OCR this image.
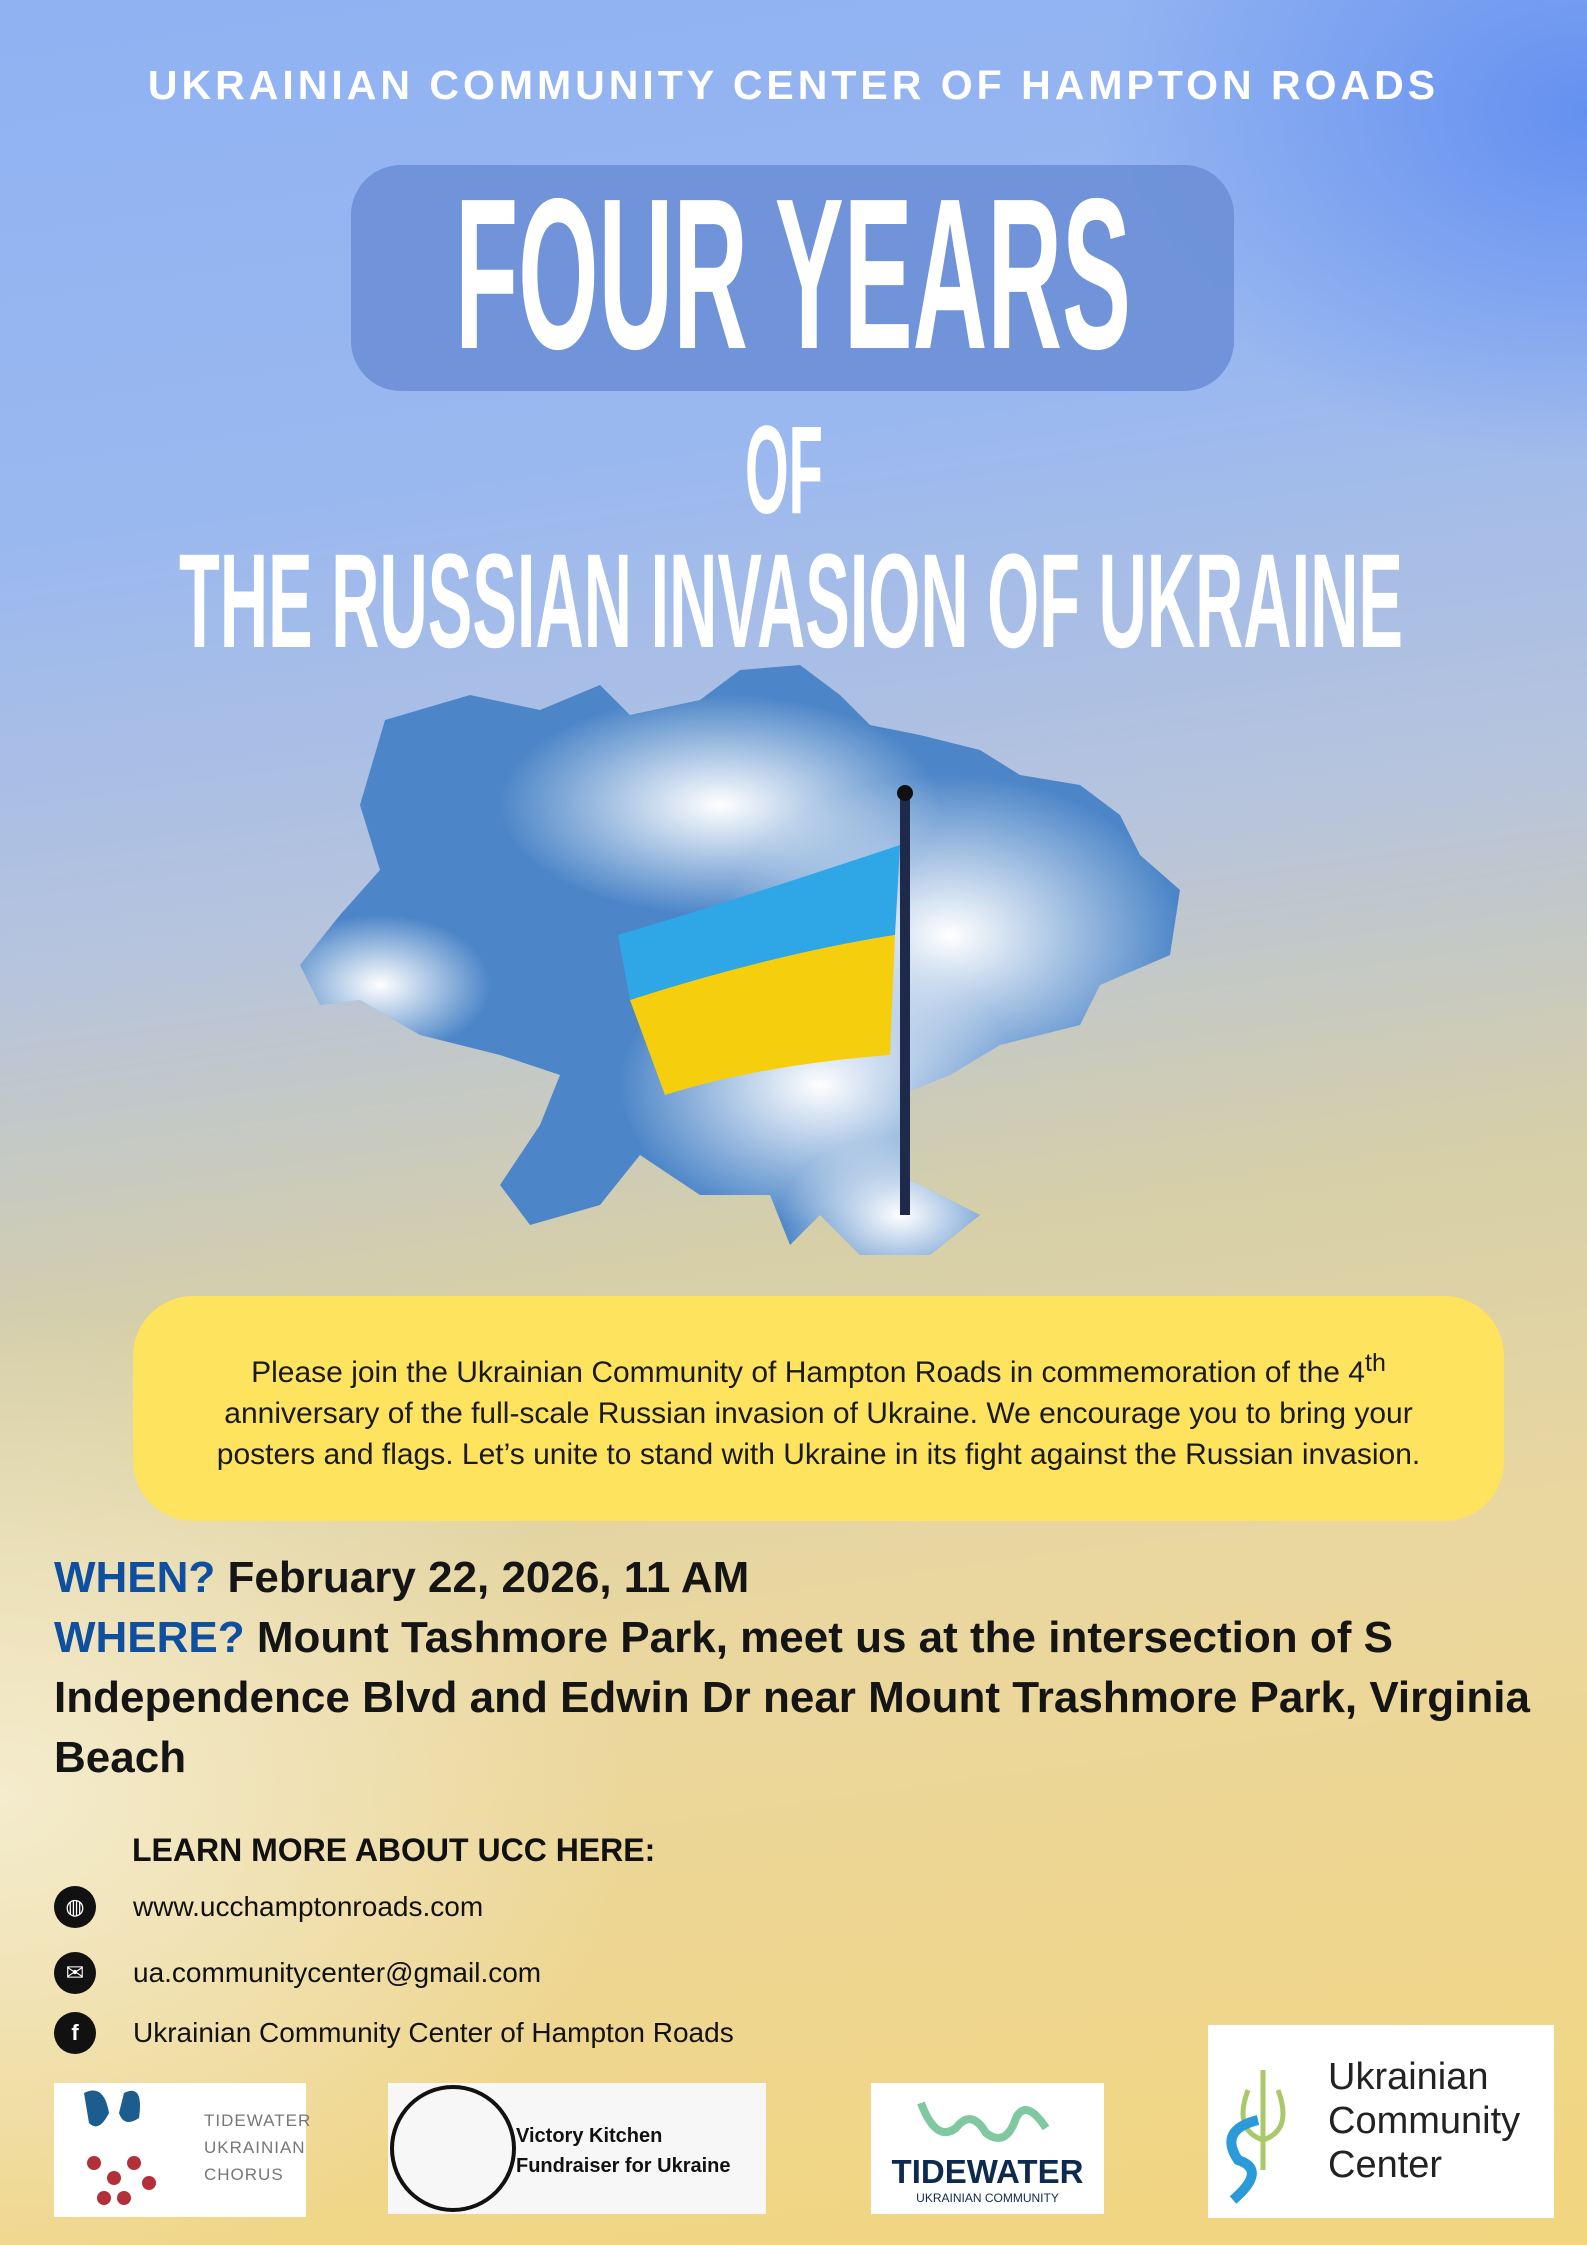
UKRAINIAN COMMUNITY CENTER OF HAMPTON ROADS
FOUR YEARS
OF
THE RUSSIAN INVASION OF UKRAINE

Please join the Ukrainian Community of Hampton Roads in commemoration of the 4th anniversary of the full-scale Russian invasion of Ukraine. We encourage you to bring your posters and flags. Let’s unite to stand with Ukraine in its fight against the Russian invasion.

WHEN? February 22, 2026, 11 AM
WHERE? Mount Tashmore Park, meet us at the intersection of S Independence Blvd and Edwin Dr near Mount Trashmore Park, Virginia Beach
LEARN MORE ABOUT UCC HERE:
◍	www.ucchamptonroads.com
✉	ua.communitycenter@gmail.com
f	Ukrainian Community Center of Hampton Roads
TIDEWATER
UKRAINIAN
CHORUS
Victory Kitchen
Fundraiser for Ukraine	TIDEWATER
UKRAINIAN COMMUNITY
Ukrainian
Community
Center
